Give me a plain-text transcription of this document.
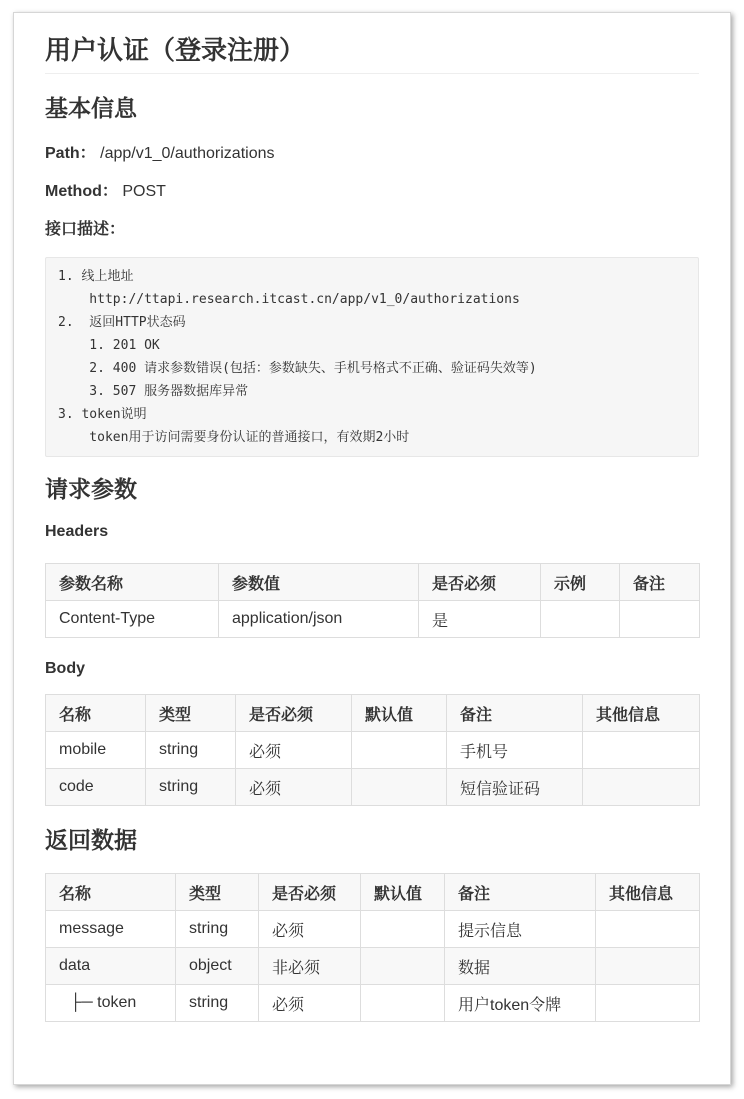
用户认证（登录注册）
基本信息
Path： /app/v1_0/authorizations
Method： POST
接口描述：
1. 线上地址
http://ttapi.research.itcast.cn/app/v1_0/authorizations
2.  返回HTTP状态码
1. 201 OK
2. 400 请求参数错误(包括：参数缺失、手机号格式不正确、验证码失效等)
3. 507 服务器数据库异常
3. token说明
token用于访问需要身份认证的普通接口，有效期2小时
请求参数
Headers
参数名称	参数值	是否必须	示例	备注
Content-Type	application/json	是		
Body
名称	类型	是否必须	默认值	备注	其他信息
mobile	string	必须		手机号	
code	string	必须		短信验证码	
返回数据
名称	类型	是否必须	默认值	备注	其他信息
message	string	必须		提示信息	
data	object	非必须		数据	
├─ token	string	必须		用户token令牌	
